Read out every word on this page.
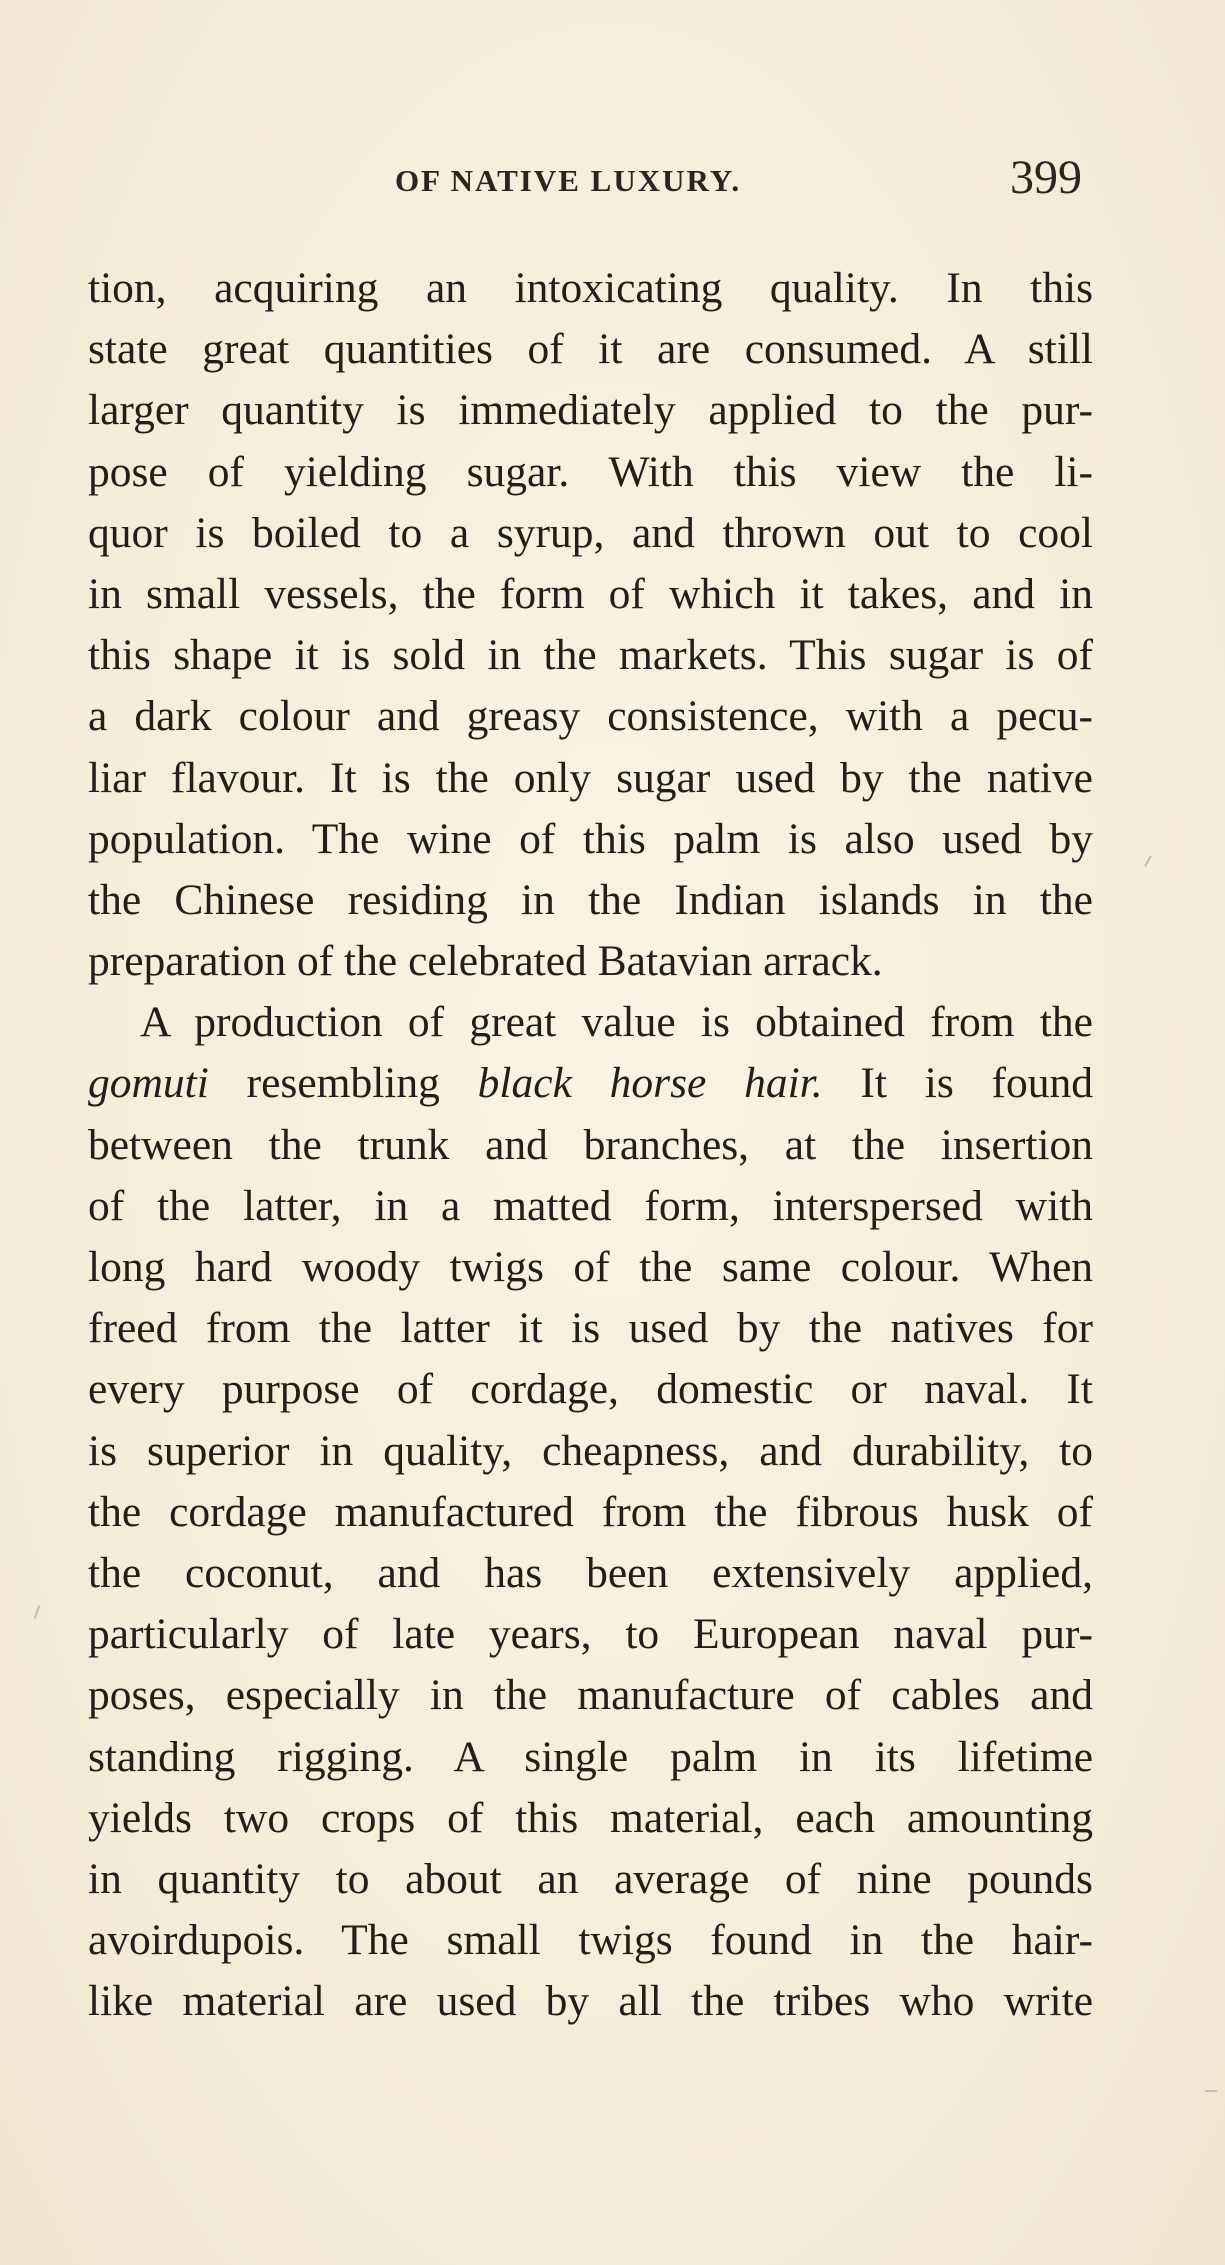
OF NATIVE LUXURY.	399
tion, acquiring an intoxicating quality. In this
state great quantities of it are consumed. A still
larger quantity is immediately applied to the pur-
pose of yielding sugar. With this view the li-
quor is boiled to a syrup, and thrown out to cool
in small vessels, the form of which it takes, and in
this shape it is sold in the markets. This sugar is of
a dark colour and greasy consistence, with a pecu-
liar flavour. It is the only sugar used by the native
population. The wine of this palm is also used by
the Chinese residing in the Indian islands in the
preparation of the celebrated Batavian arrack.
A production of great value is obtained from the
gomuti resembling black horse hair. It is found
between the trunk and branches, at the insertion
of the latter, in a matted form, interspersed with
long hard woody twigs of the same colour. When
freed from the latter it is used by the natives for
every purpose of cordage, domestic or naval. It
is superior in quality, cheapness, and durability, to
the cordage manufactured from the fibrous husk of
the coconut, and has been extensively applied,
particularly of late years, to European naval pur-
poses, especially in the manufacture of cables and
standing rigging. A single palm in its lifetime
yields two crops of this material, each amounting
in quantity to about an average of nine pounds
avoirdupois. The small twigs found in the hair-
like material are used by all the tribes who write
